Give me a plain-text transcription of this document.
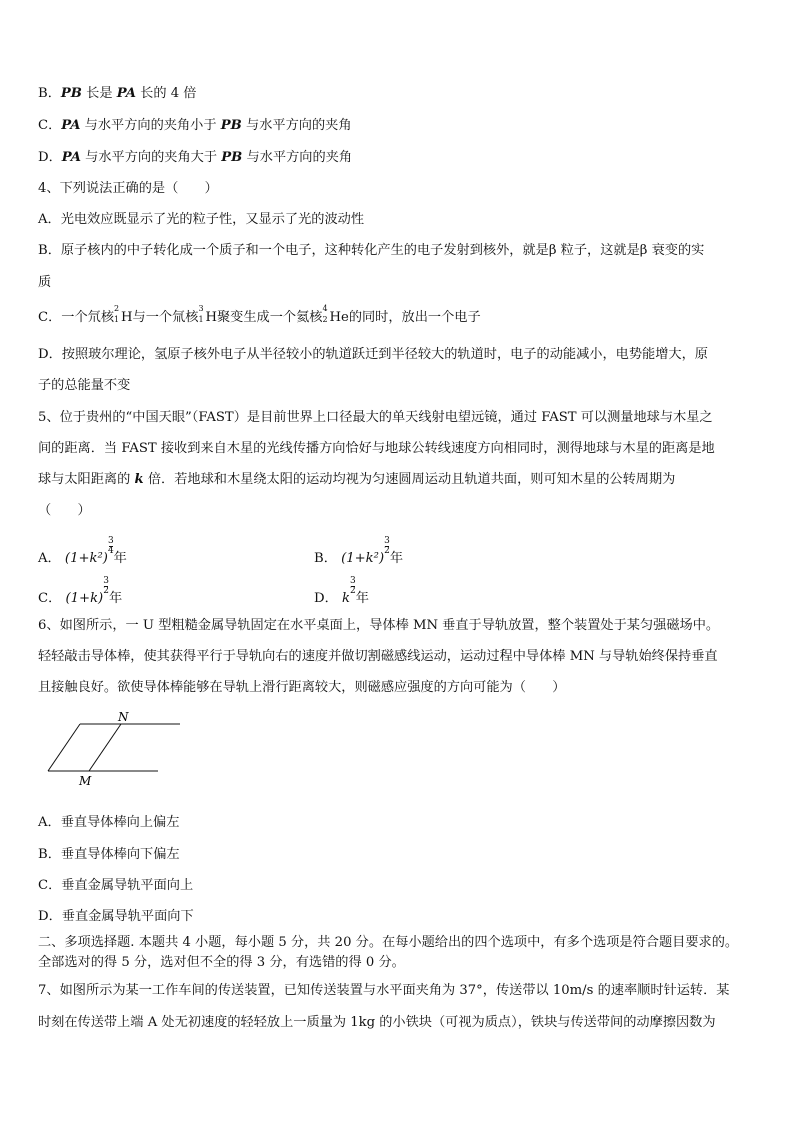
B．PB 长是 PA 长的 4 倍
C．PA 与水平方向的夹角小于 PB 与水平方向的夹角
D．PA 与水平方向的夹角大于 PB 与水平方向的夹角
4、下列说法正确的是（　　）
A．光电效应既显示了光的粒子性，又显示了光的波动性
B．原子核内的中子转化成一个质子和一个电子，这种转化产生的电子发射到核外，就是β 粒子，这就是β 衰变的实
质
C．一个氘核
2
1 H与一个氚核
3
1 H聚变生成一个氦核
4
2 He的同时，放出一个电子
D．按照玻尔理论，氢原子核外电子从半径较小的轨道跃迁到半径较大的轨道时，电子的动能减小，电势能增大，原
子的总能量不变
5、位于贵州的“中国天眼”（FAST）是目前世界上口径最大的单天线射电望远镜，通过 FAST 可以测量地球与木星之
间的距离．当 FAST 接收到来自木星的光线传播方向恰好与地球公转线速度方向相同时，测得地球与木星的距离是地
球与太阳距离的 k 倍．若地球和木星绕太阳的运动均视为匀速圆周运动且轨道共面，则可知木星的公转周期为
（　　）
A． (1+k²)
$\frac{3}{4}$
年	B． (1+k²)
$\frac{3}{2}$
年
C． (1+k)
$\frac{3}{2}$
年	D． k
$\frac{3}{2}$
年
6、如图所示，一 U 型粗糙金属导轨固定在水平桌面上，导体棒 MN 垂直于导轨放置，整个装置处于某匀强磁场中。
轻轻敲击导体棒，使其获得平行于导轨向右的速度并做切割磁感线运动，运动过程中导体棒 MN 与导轨始终保持垂直
且接触良好。欲使导体棒能够在导轨上滑行距离较大，则磁感应强度的方向可能为（　　）
N
M
A．垂直导体棒向上偏左
B．垂直导体棒向下偏左
C．垂直金属导轨平面向上
D．垂直金属导轨平面向下
二、多项选择题. 本题共 4 小题，每小题 5 分，共 20 分。在每小题给出的四个选项中，有多个选项是符合题目要求的。
全部选对的得 5 分，选对但不全的得 3 分，有选错的得 0 分。
7、如图所示为某一工作车间的传送装置，已知传送装置与水平面夹角为 37°，传送带以 10m/s 的速率顺时针运转．某
时刻在传送带上端 A 处无初速度的轻轻放上一质量为 1kg 的小铁块（可视为质点），铁块与传送带间的动摩擦因数为
